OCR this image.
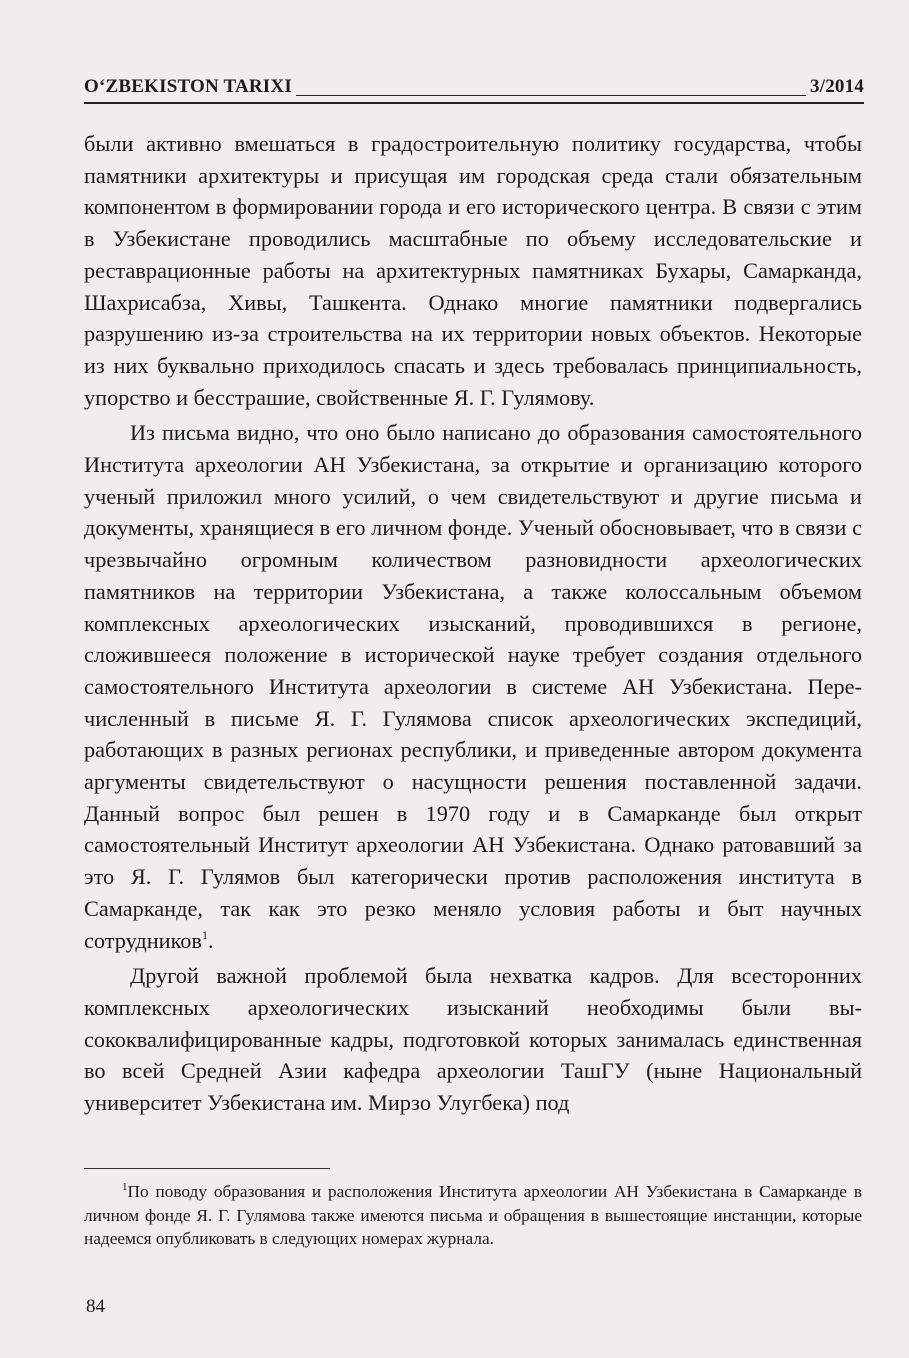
O‘ZBEKISTON TARIXI	3/2014

были активно вмешаться в градостроительную политику государства, чтобы памятники архитектуры и присущая им городская среда стали обязательным компонентом в формировании города и его исторического центра. В связи с этим в Узбекистане проводились масштабные по объему исследовательские и реставрационные работы на архитектурных памятниках Бухары, Самарканда, Шахрисабза, Хивы, Ташкента. Однако многие памятники подвергались разрушению из-за строительства на их территории новых объектов. Некоторые из них буквально приходилось спасать и здесь требовалась принципиальность, упорство и бесстрашие, свойственные Я. Г. Гулямову.

Из письма видно, что оно было написано до образования самостоятельного Института археологии АН Узбекистана, за открытие и организацию которого ученый приложил много усилий, о чем свидетельствуют и другие письма и документы, хранящиеся в его личном фонде. Ученый обосновывает, что в связи с чрезвычайно огромным количеством разновидности археологических памятников на территории Узбекистана, а также колоссальным объемом комплексных археологических изысканий, проводившихся в регионе, сложившееся положение в исторической науке требует создания отдельного самостоятельного Института археологии в системе АН Узбекистана. Перечисленный в письме Я. Г. Гулямова список археологических экспедиций, работающих в разных регионах республики, и приведенные автором документа аргументы свидетельствуют о насущности решения поставленной задачи. Данный вопрос был решен в 1970 году и в Самарканде был открыт самостоятельный Институт археологии АН Узбекистана. Однако ратовавший за это Я. Г. Гулямов был категорически против расположения института в Самарканде, так как это резко меняло условия работы и быт научных сотрудников$^1$.

Другой важной проблемой была нехватка кадров. Для всесторонних комплексных археологических изысканий необходимы были высококвалифицированные кадры, подготовкой которых занималась единственная во всей Средней Азии кафедра археологии ТашГУ (ныне Национальный университет Узбекистана им. Мирзо Улугбека) под

$^1$По поводу образования и расположения Института археологии АН Узбекистана в Самарканде в личном фонде Я. Г. Гулямова также имеются письма и обращения в вышестоящие инстанции, которые надеемся опубликовать в следующих номерах журнала.
84
